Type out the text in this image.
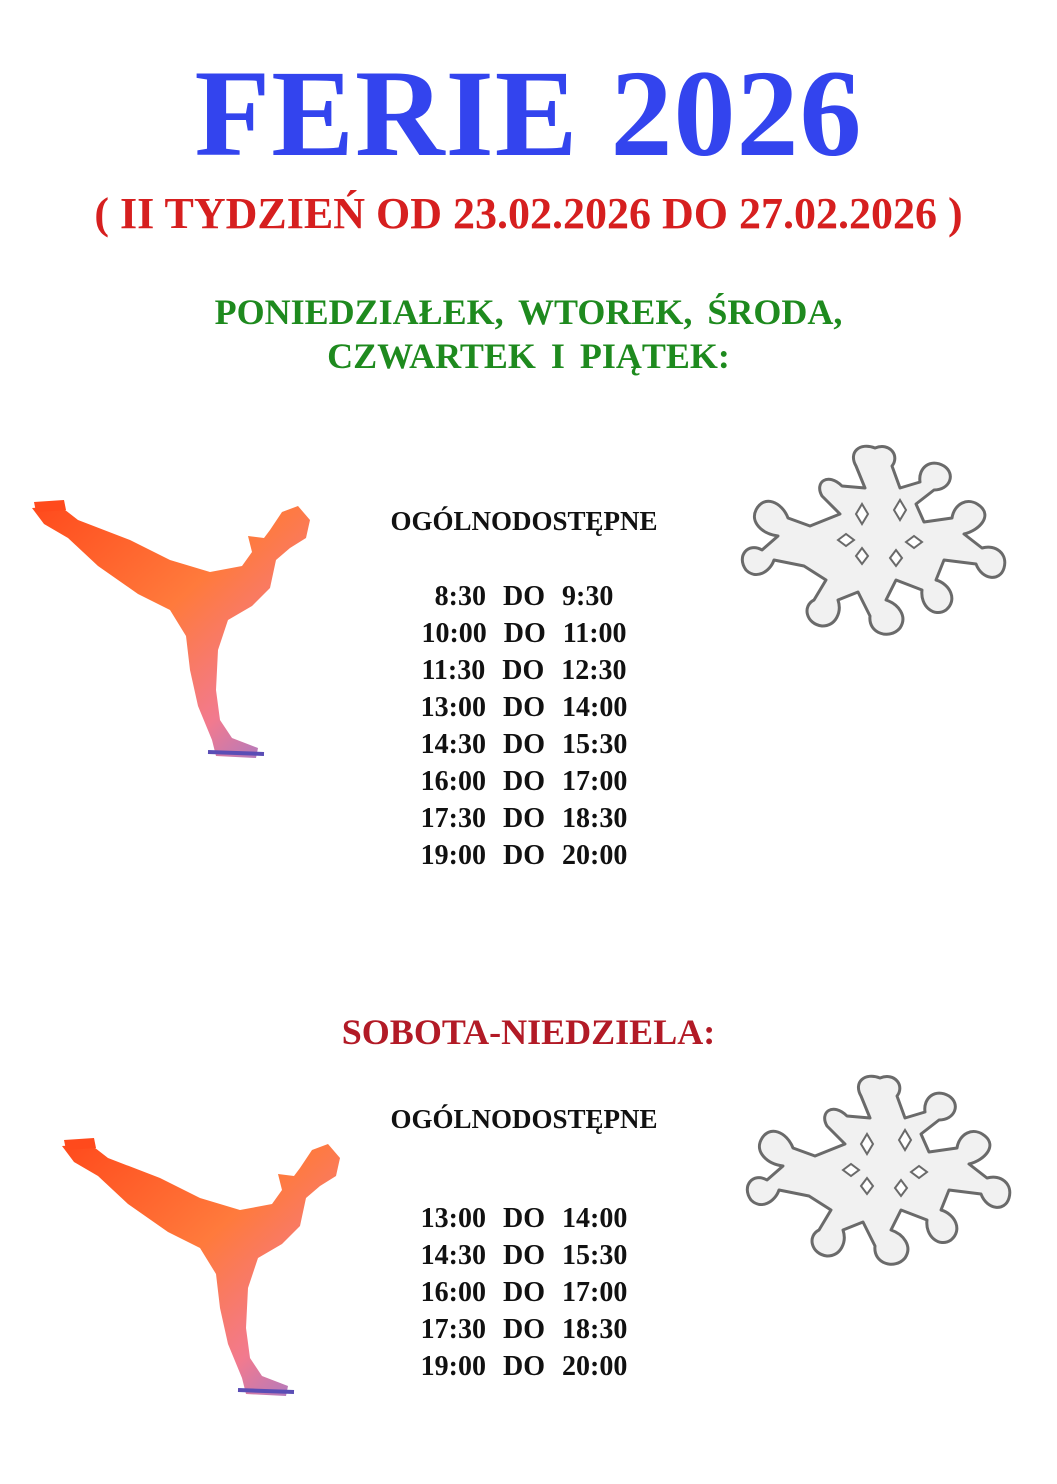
FERIE 2026
( II TYDZIEŃ OD 23.02.2026 DO 27.02.2026 )
PONIEDZIAŁEK, WTOREK, ŚRODA,
CZWARTEK I PIĄTEK:
OGÓLNODOSTĘPNE
8:30 DO 9:30
10:00 DO 11:00
11:30 DO 12:30
13:00 DO 14:00
14:30 DO 15:30
16:00 DO 17:00
17:30 DO 18:30
19:00 DO 20:00
SOBOTA-NIEDZIELA:
OGÓLNODOSTĘPNE
13:00 DO 14:00
14:30 DO 15:30
16:00 DO 17:00
17:30 DO 18:30
19:00 DO 20:00
